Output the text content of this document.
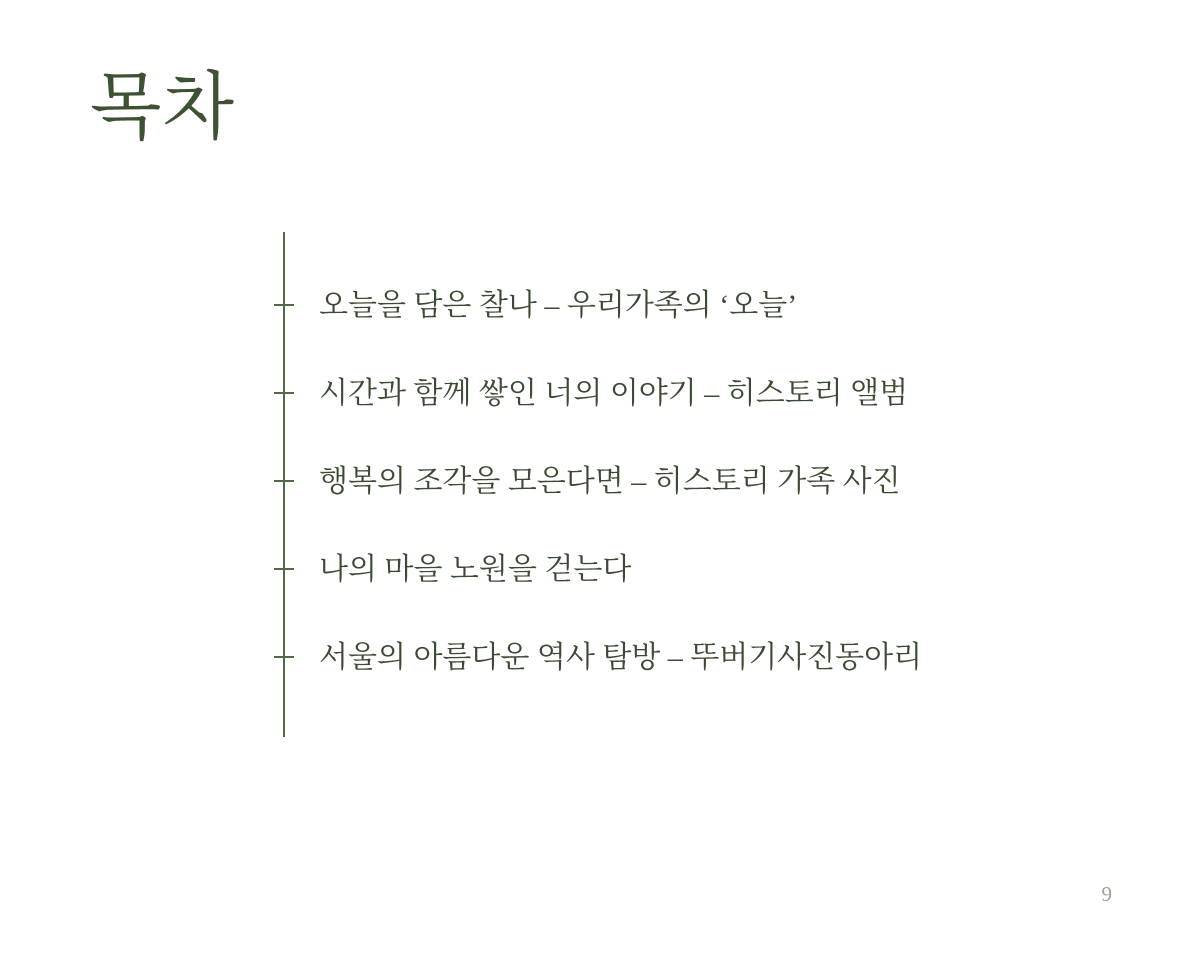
목차
오늘을 담은 찰나 – 우리가족의 ‘오늘’
시간과 함께 쌓인 너의 이야기 – 히스토리 앨범
행복의 조각을 모은다면 – 히스토리 가족 사진
나의 마을 노원을 걷는다
서울의 아름다운 역사 탐방 – 뚜버기사진동아리
9
